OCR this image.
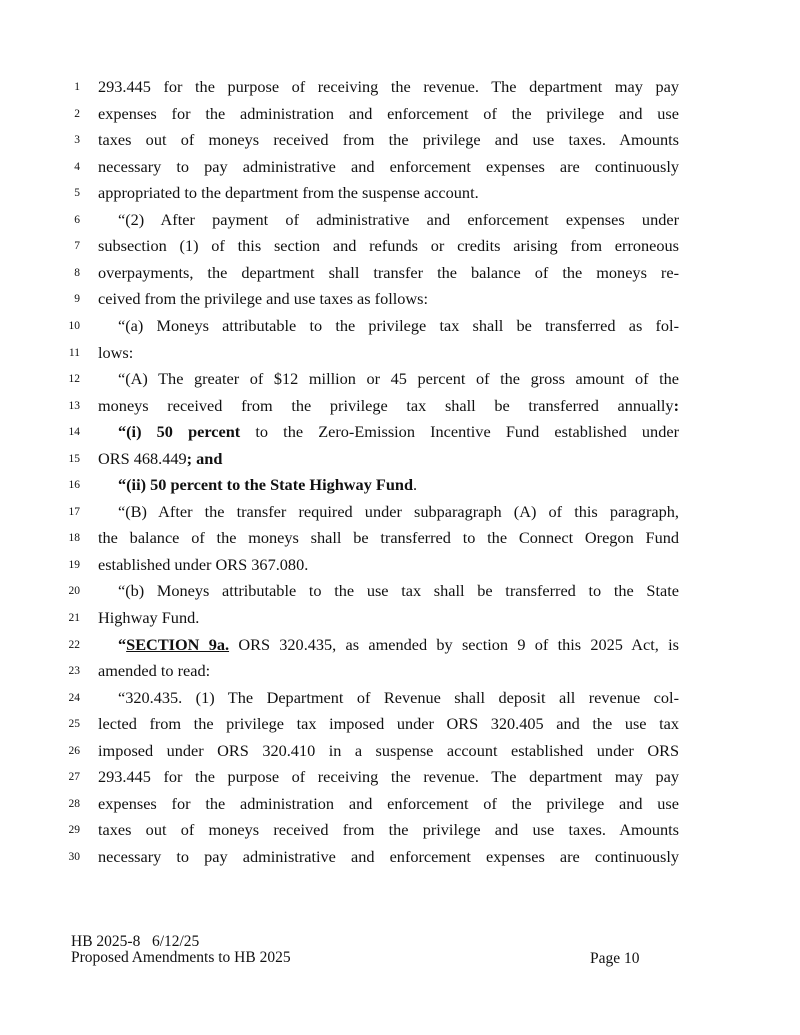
1 293.445 for the purpose of receiving the revenue. The department may pay
2 expenses for the administration and enforcement of the privilege and use
3 taxes out of moneys received from the privilege and use taxes. Amounts
4 necessary to pay administrative and enforcement expenses are continuously
5 appropriated to the department from the suspense account.
6	“(2) After payment of administrative and enforcement expenses under
7 subsection (1) of this section and refunds or credits arising from erroneous
8 overpayments, the department shall transfer the balance of the moneys re-
9 ceived from the privilege and use taxes as follows:
10	“(a) Moneys attributable to the privilege tax shall be transferred as fol-
11 lows:
12	“(A) The greater of $12 million or 45 percent of the gross amount of the
13 moneys received from the privilege tax shall be transferred annually:
14	“(i) 50 percent to the Zero-Emission Incentive Fund established under
15 ORS 468.449; and
16	“(ii) 50 percent to the State Highway Fund.
17	“(B) After the transfer required under subparagraph (A) of this paragraph,
18 the balance of the moneys shall be transferred to the Connect Oregon Fund
19 established under ORS 367.080.
20	“(b) Moneys attributable to the use tax shall be transferred to the State
21 Highway Fund.
22	“SECTION 9a. ORS 320.435, as amended by section 9 of this 2025 Act, is
23 amended to read:
24	“320.435. (1) The Department of Revenue shall deposit all revenue col-
25 lected from the privilege tax imposed under ORS 320.405 and the use tax
26 imposed under ORS 320.410 in a suspense account established under ORS
27 293.445 for the purpose of receiving the revenue. The department may pay
28 expenses for the administration and enforcement of the privilege and use
29 taxes out of moneys received from the privilege and use taxes. Amounts
30 necessary to pay administrative and enforcement expenses are continuously
HB 2025-8   6/12/25
Proposed Amendments to HB 2025	Page 10
